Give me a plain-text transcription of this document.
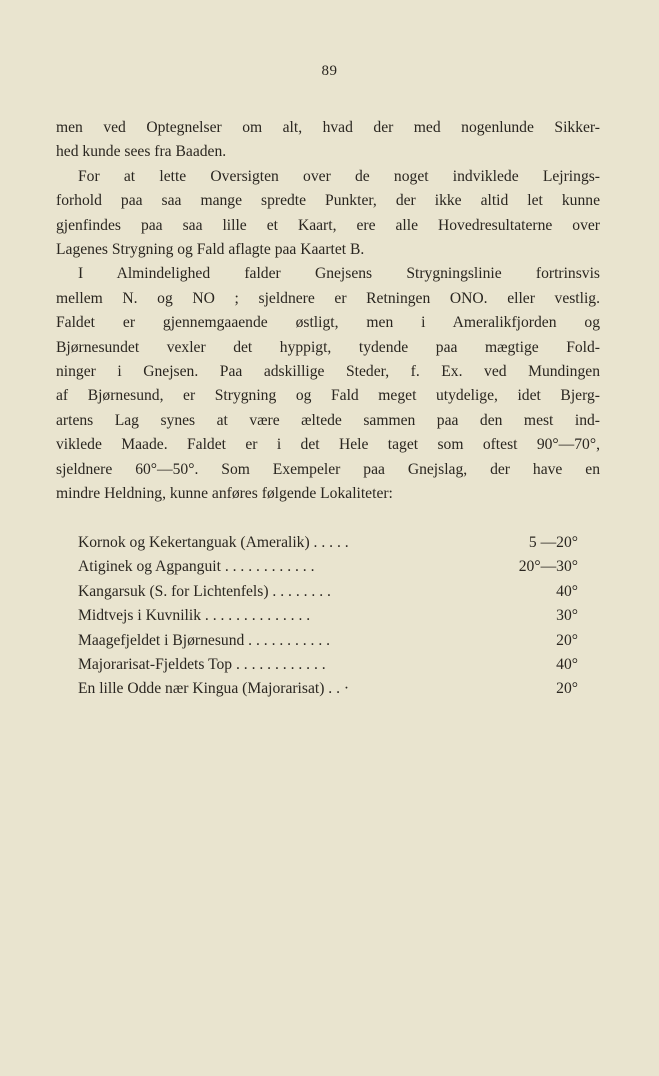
89
men ved Optegnelser om alt, hvad der med nogenlunde Sikker-
hed kunde sees fra Baaden.
For at lette Oversigten over de noget indviklede Lejrings-
forhold paa saa mange spredte Punkter, der ikke altid let kunne
gjenfindes paa saa lille et Kaart, ere alle Hovedresultaterne over
Lagenes Strygning og Fald aflagte paa Kaartet B.
I Almindelighed falder Gnejsens Strygningslinie fortrinsvis
mellem N. og NO ; sjeldnere er Retningen ONO. eller vestlig.
Faldet er gjennemgaaende østligt, men i Ameralikfjorden og
Bjørnesundet vexler det hyppigt, tydende paa mægtige Fold-
ninger i Gnejsen. Paa adskillige Steder, f. Ex. ved Mundingen
af Bjørnesund, er Strygning og Fald meget utydelige, idet Bjerg-
artens Lag synes at være æltede sammen paa den mest ind-
viklede Maade. Faldet er i det Hele taget som oftest 90°—70°,
sjeldnere 60°—50°. Som Exempeler paa Gnejslag, der have en
mindre Heldning, kunne anføres følgende Lokaliteter:
Kornok og Kekertanguak (Ameralik) . . . . .	5 —20°
Atiginek og Agpanguit . . . . . . . . . . . .	20°—30°
Kangarsuk (S. for Lichtenfels) . . . . . . . .	40°
Midtvejs i Kuvnilik . . . . . . . . . . . . . .	30°
Maagefjeldet i Bjørnesund . . . . . . . . . . .	20°
Majorarisat-Fjeldets Top . . . . . . . . . . . .	40°
En lille Odde nær Kingua (Majorarisat) . . ·	20°
